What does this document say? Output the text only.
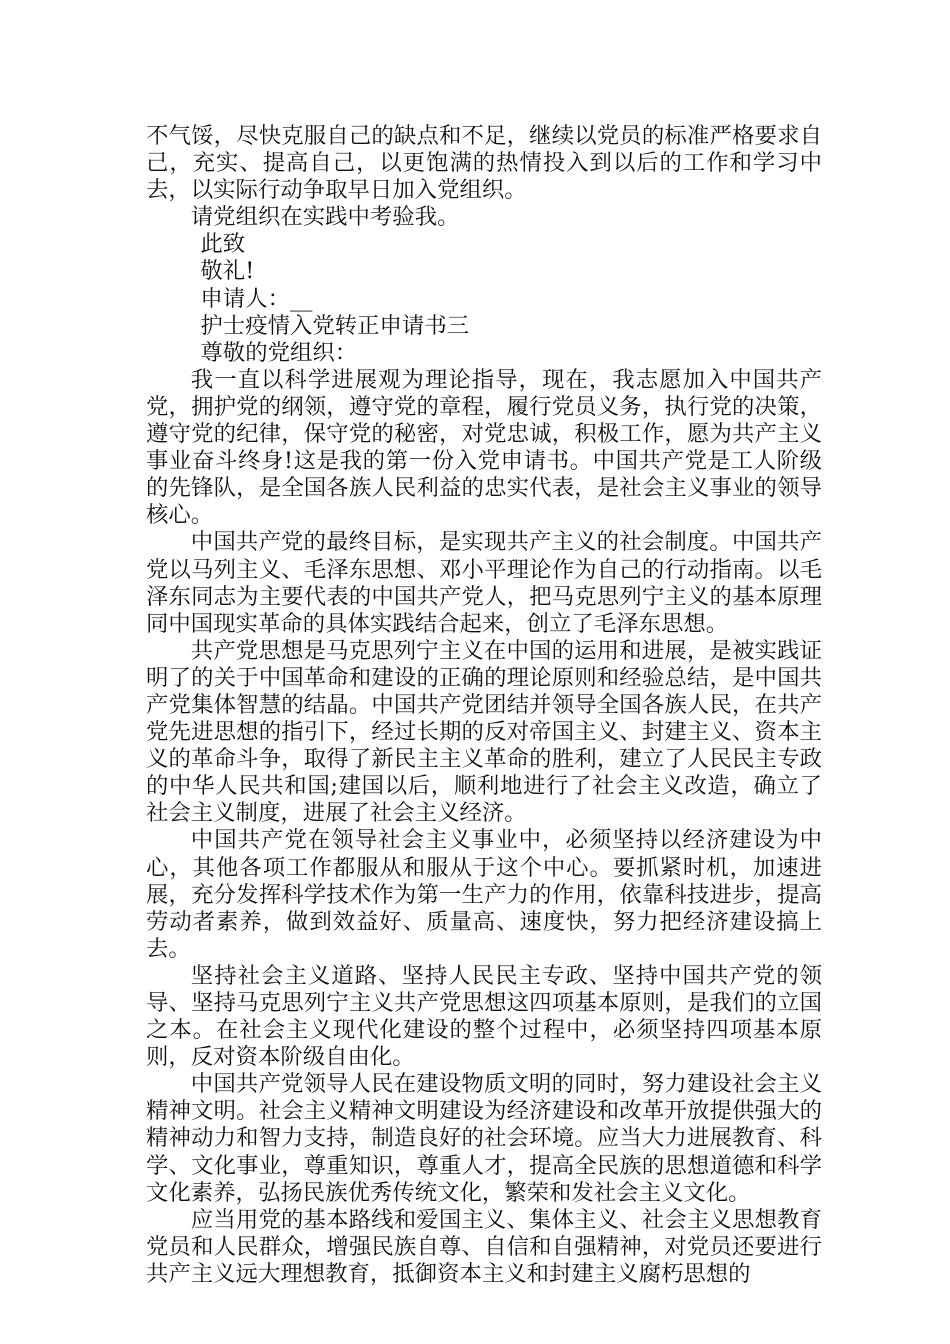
不气馁，尽快克服自己的缺点和不足，继续以党员的标准严格要求自己，充实、提高自己，以更饱满的热情投入到以后的工作和学习中去，以实际行动争取早日加入党组织。

请党组织在实践中考验我。

此致

敬礼!

申请人：__

护士疫情入党转正申请书三

尊敬的党组织：

我一直以科学进展观为理论指导，现在，我志愿加入中国共产党，拥护党的纲领，遵守党的章程，履行党员义务，执行党的决策，遵守党的纪律，保守党的秘密，对党忠诚，积极工作，愿为共产主义事业奋斗终身!这是我的第一份入党申请书。中国共产党是工人阶级的先锋队，是全国各族人民利益的忠实代表，是社会主义事业的领导核心。

中国共产党的最终目标，是实现共产主义的社会制度。中国共产党以马列主义、毛泽东思想、邓小平理论作为自己的行动指南。以毛泽东同志为主要代表的中国共产党人，把马克思列宁主义的基本原理同中国现实革命的具体实践结合起来，创立了毛泽东思想。

共产党思想是马克思列宁主义在中国的运用和进展，是被实践证明了的关于中国革命和建设的正确的理论原则和经验总结，是中国共产党集体智慧的结晶。中国共产党团结并领导全国各族人民，在共产党先进思想的指引下，经过长期的反对帝国主义、封建主义、资本主义的革命斗争，取得了新民主主义革命的胜利，建立了人民民主专政的中华人民共和国;建国以后，顺利地进行了社会主义改造，确立了社会主义制度，进展了社会主义经济。

中国共产党在领导社会主义事业中，必须坚持以经济建设为中心，其他各项工作都服从和服从于这个中心。要抓紧时机，加速进展，充分发挥科学技术作为第一生产力的作用，依靠科技进步，提高劳动者素养，做到效益好、质量高、速度快，努力把经济建设搞上去。

坚持社会主义道路、坚持人民民主专政、坚持中国共产党的领导、坚持马克思列宁主义共产党思想这四项基本原则，是我们的立国之本。在社会主义现代化建设的整个过程中，必须坚持四项基本原则，反对资本阶级自由化。

中国共产党领导人民在建设物质文明的同时，努力建设社会主义精神文明。社会主义精神文明建设为经济建设和改革开放提供强大的精神动力和智力支持，制造良好的社会环境。应当大力进展教育、科学、文化事业，尊重知识，尊重人才，提高全民族的思想道德和科学文化素养，弘扬民族优秀传统文化，繁荣和发社会主义文化。

应当用党的基本路线和爱国主义、集体主义、社会主义思想教育党员和人民群众，增强民族自尊、自信和自强精神，对党员还要进行共产主义远大理想教育，抵御资本主义和封建主义腐朽思想的
